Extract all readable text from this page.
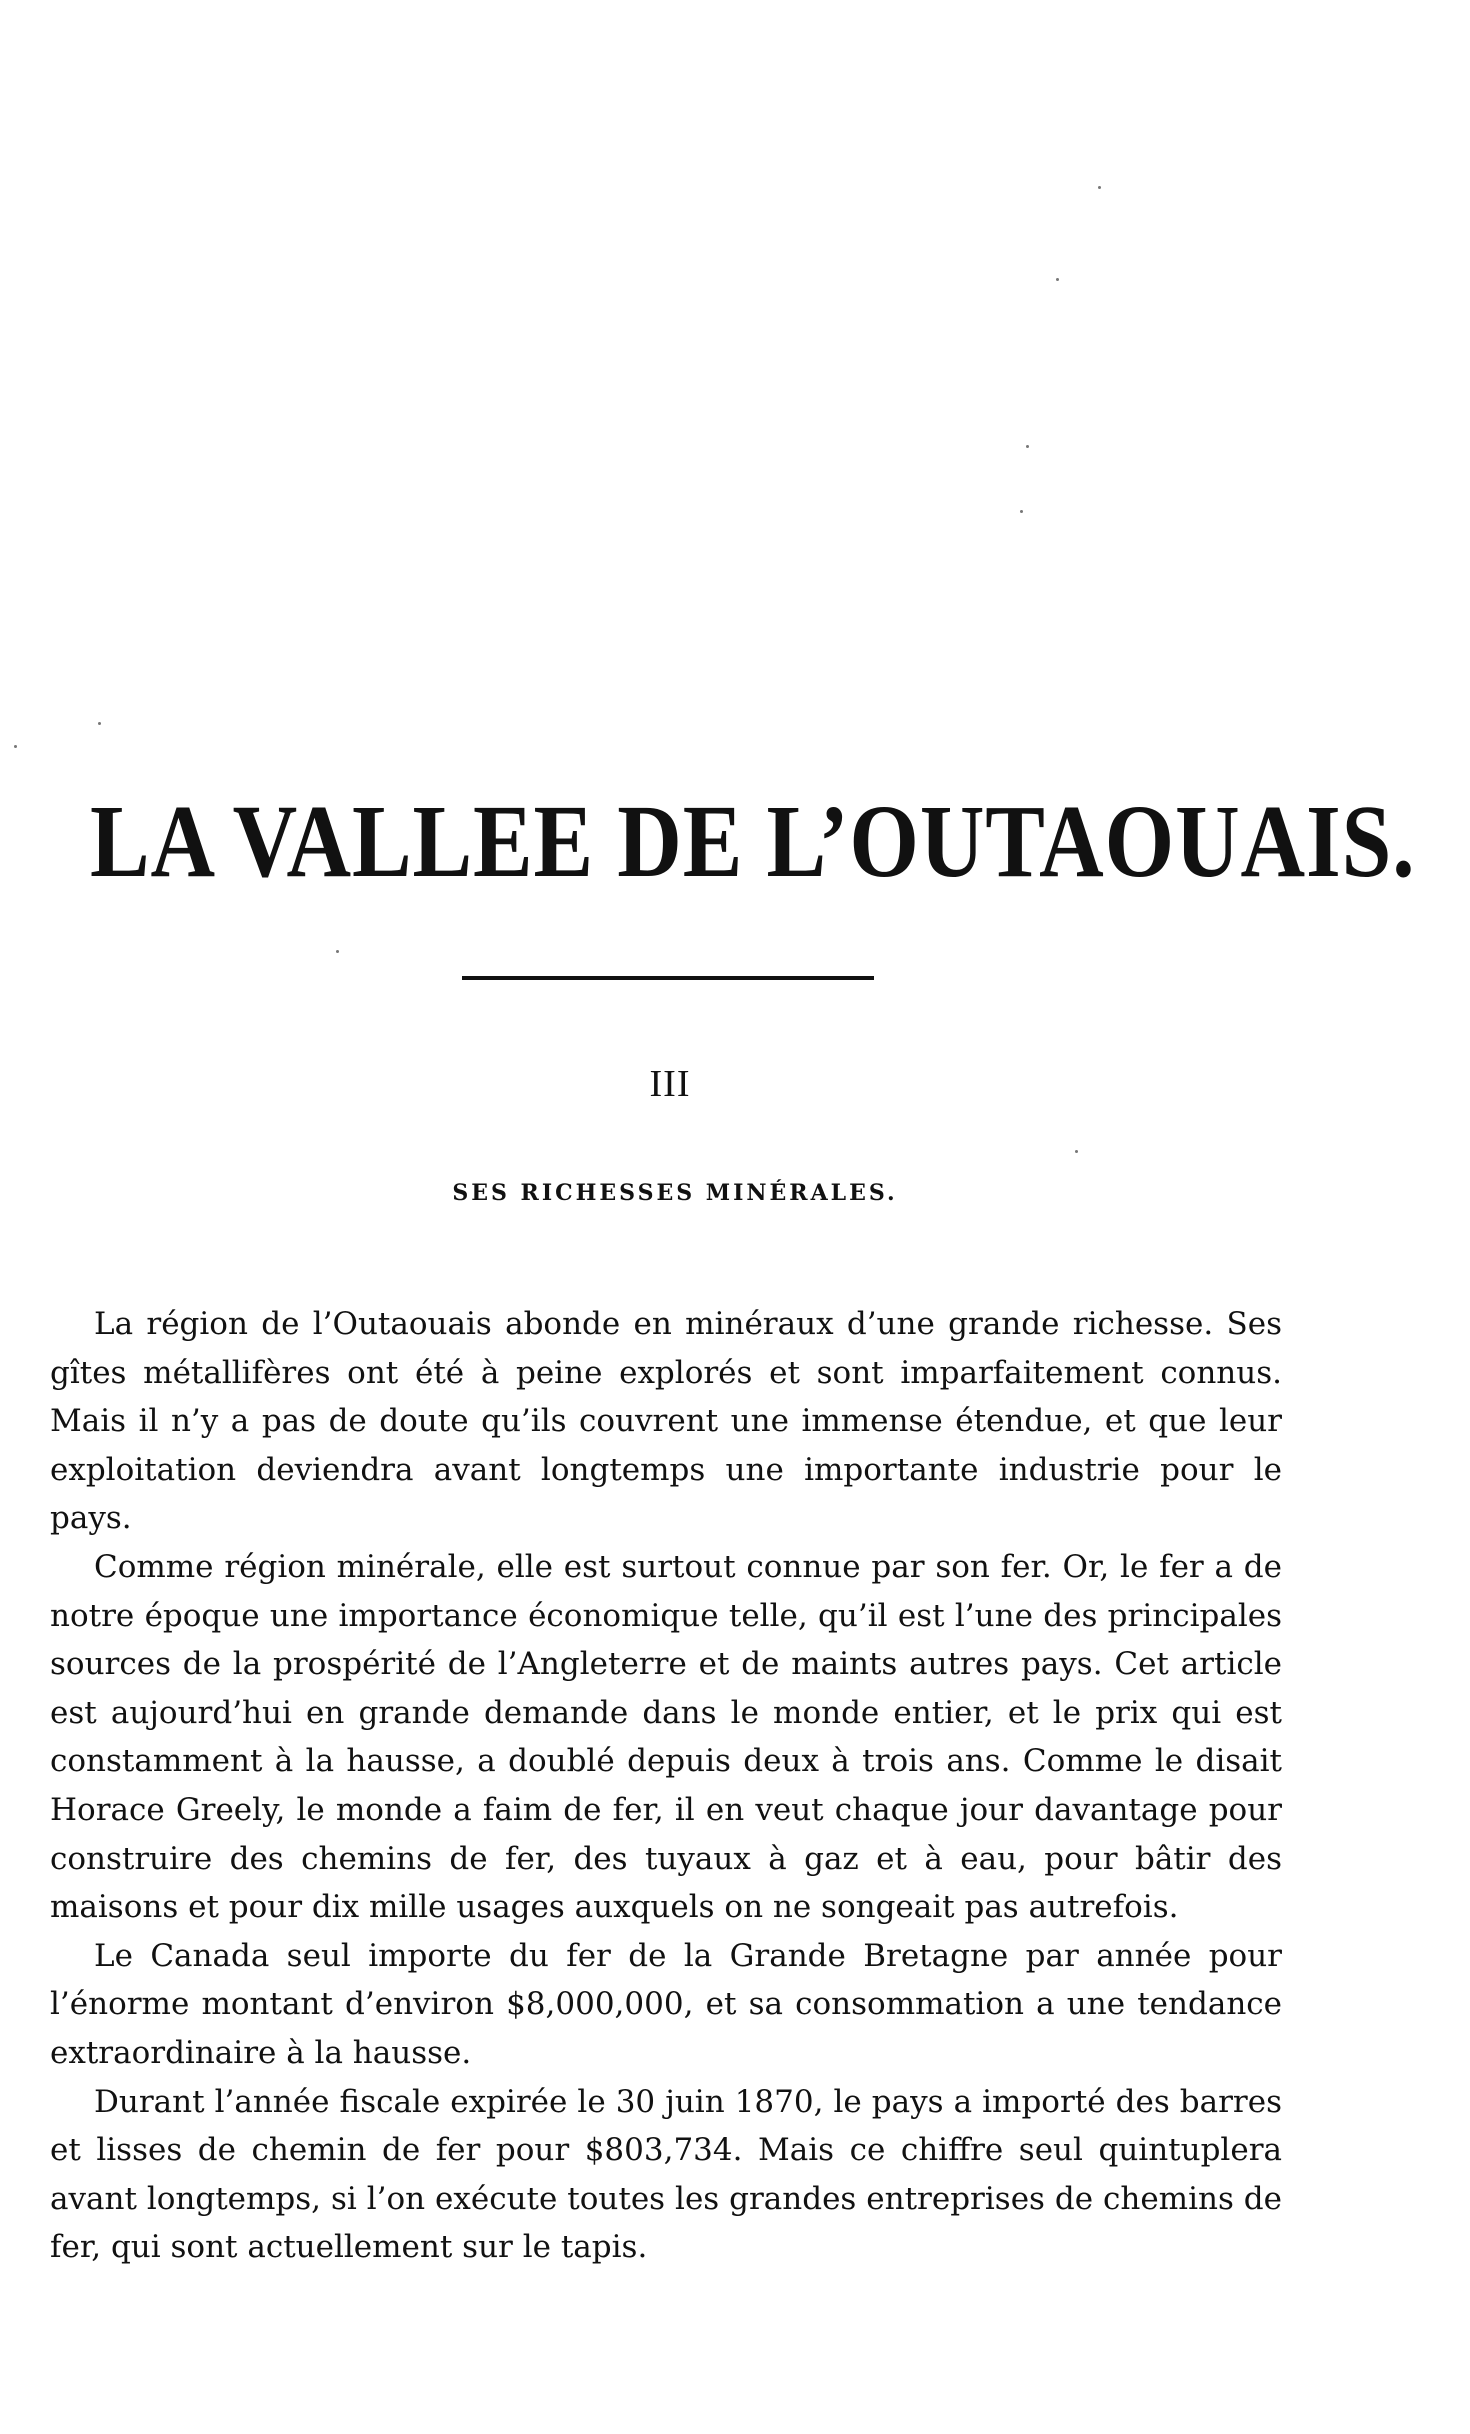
LA VALLEE DE L’OUTAOUAIS.
III
SES RICHESSES MINÉRALES.

La région de l’Outaouais abonde en minéraux d’une grande richesse. Ses gîtes métallifères ont été à peine explorés et sont imparfaitement connus. Mais il n’y a pas de doute qu’ils couvrent une immense étendue, et que leur exploitation deviendra avant longtemps une importante industrie pour le pays.

Comme région minérale, elle est surtout connue par son fer. Or, le fer a de notre époque une importance économique telle, qu’il est l’une des principales sources de la prospérité de l’Angleterre et de maints autres pays. Cet article est aujourd’hui en grande demande dans le monde entier, et le prix qui est constamment à la hausse, a doublé depuis deux à trois ans. Comme le disait Horace Greely, le monde a faim de fer, il en veut chaque jour davantage pour construire des chemins de fer, des tuyaux à gaz et à eau, pour bâtir des maisons et pour dix mille usages auxquels on ne songeait pas autrefois.

Le Canada seul importe du fer de la Grande Bretagne par année pour l’énorme montant d’environ $8,000,000, et sa consommation a une tendance extraordinaire à la hausse.

Durant l’année fiscale expirée le 30 juin 1870, le pays a importé des barres et lisses de chemin de fer pour $803,734. Mais ce chiffre seul quintuplera avant longtemps, si l’on exécute toutes les grandes entreprises de chemins de fer, qui sont actuellement sur le tapis.
